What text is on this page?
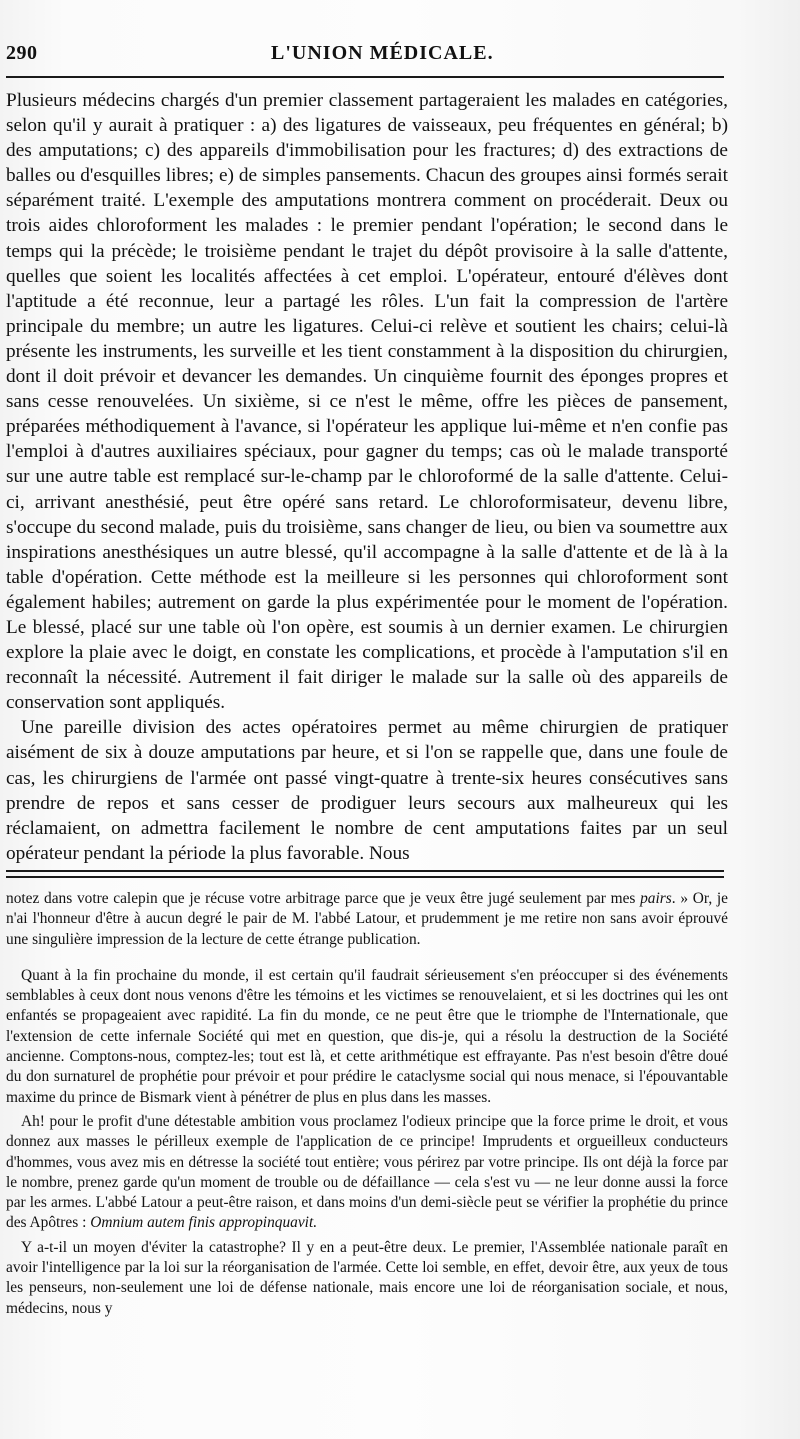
290	L'UNION MÉDICALE.

Plusieurs médecins chargés d'un premier classement partageraient les malades en catégories, selon qu'il y aurait à pratiquer : a) des ligatures de vaisseaux, peu fréquentes en général; b) des amputations; c) des appareils d'immobilisation pour les fractures; d) des extractions de balles ou d'esquilles libres; e) de simples pansements. Chacun des groupes ainsi formés serait séparément traité. L'exemple des amputations montrera comment on procéderait. Deux ou trois aides chloroforment les malades : le premier pendant l'opération; le second dans le temps qui la précède; le troisième pendant le trajet du dépôt provisoire à la salle d'attente, quelles que soient les localités affectées à cet emploi. L'opérateur, entouré d'élèves dont l'aptitude a été reconnue, leur a partagé les rôles. L'un fait la compression de l'artère principale du membre; un autre les ligatures. Celui-ci relève et soutient les chairs; celui-là présente les instruments, les surveille et les tient constamment à la disposition du chirurgien, dont il doit prévoir et devancer les demandes. Un cinquième fournit des éponges propres et sans cesse renouvelées. Un sixième, si ce n'est le même, offre les pièces de pansement, préparées méthodiquement à l'avance, si l'opérateur les applique lui-même et n'en confie pas l'emploi à d'autres auxiliaires spéciaux, pour gagner du temps; cas où le malade transporté sur une autre table est remplacé sur-le-champ par le chloroformé de la salle d'attente. Celui-ci, arrivant anesthésié, peut être opéré sans retard. Le chloroformisateur, devenu libre, s'occupe du second malade, puis du troisième, sans changer de lieu, ou bien va soumettre aux inspirations anesthésiques un autre blessé, qu'il accompagne à la salle d'attente et de là à la table d'opération. Cette méthode est la meilleure si les personnes qui chloroforment sont également habiles; autrement on garde la plus expérimentée pour le moment de l'opération. Le blessé, placé sur une table où l'on opère, est soumis à un dernier examen. Le chirurgien explore la plaie avec le doigt, en constate les complications, et procède à l'amputation s'il en reconnaît la nécessité. Autrement il fait diriger le malade sur la salle où des appareils de conservation sont appliqués.

Une pareille division des actes opératoires permet au même chirurgien de pratiquer aisément de six à douze amputations par heure, et si l'on se rappelle que, dans une foule de cas, les chirurgiens de l'armée ont passé vingt-quatre à trente-six heures consécutives sans prendre de repos et sans cesser de prodiguer leurs secours aux malheureux qui les réclamaient, on admettra facilement le nombre de cent amputations faites par un seul opérateur pendant la période la plus favorable. Nous

notez dans votre calepin que je récuse votre arbitrage parce que je veux être jugé seulement par mes pairs. » Or, je n'ai l'honneur d'être à aucun degré le pair de M. l'abbé Latour, et prudemment je me retire non sans avoir éprouvé une singulière impression de la lecture de cette étrange publication.

Quant à la fin prochaine du monde, il est certain qu'il faudrait sérieusement s'en préoccuper si des événements semblables à ceux dont nous venons d'être les témoins et les victimes se renouvelaient, et si les doctrines qui les ont enfantés se propageaient avec rapidité. La fin du monde, ce ne peut être que le triomphe de l'Internationale, que l'extension de cette infernale Société qui met en question, que dis-je, qui a résolu la destruction de la Société ancienne. Comptons-nous, comptez-les; tout est là, et cette arithmétique est effrayante. Pas n'est besoin d'être doué du don surnaturel de prophétie pour prévoir et pour prédire le cataclysme social qui nous menace, si l'épouvantable maxime du prince de Bismark vient à pénétrer de plus en plus dans les masses.

Ah! pour le profit d'une détestable ambition vous proclamez l'odieux principe que la force prime le droit, et vous donnez aux masses le périlleux exemple de l'application de ce principe! Imprudents et orgueilleux conducteurs d'hommes, vous avez mis en détresse la société tout entière; vous périrez par votre principe. Ils ont déjà la force par le nombre, prenez garde qu'un moment de trouble ou de défaillance — cela s'est vu — ne leur donne aussi la force par les armes. L'abbé Latour a peut-être raison, et dans moins d'un demi-siècle peut se vérifier la prophétie du prince des Apôtres : Omnium autem finis appropinquavit.

Y a-t-il un moyen d'éviter la catastrophe? Il y en a peut-être deux. Le premier, l'Assemblée nationale paraît en avoir l'intelligence par la loi sur la réorganisation de l'armée. Cette loi semble, en effet, devoir être, aux yeux de tous les penseurs, non-seulement une loi de défense nationale, mais encore une loi de réorganisation sociale, et nous, médecins, nous y
